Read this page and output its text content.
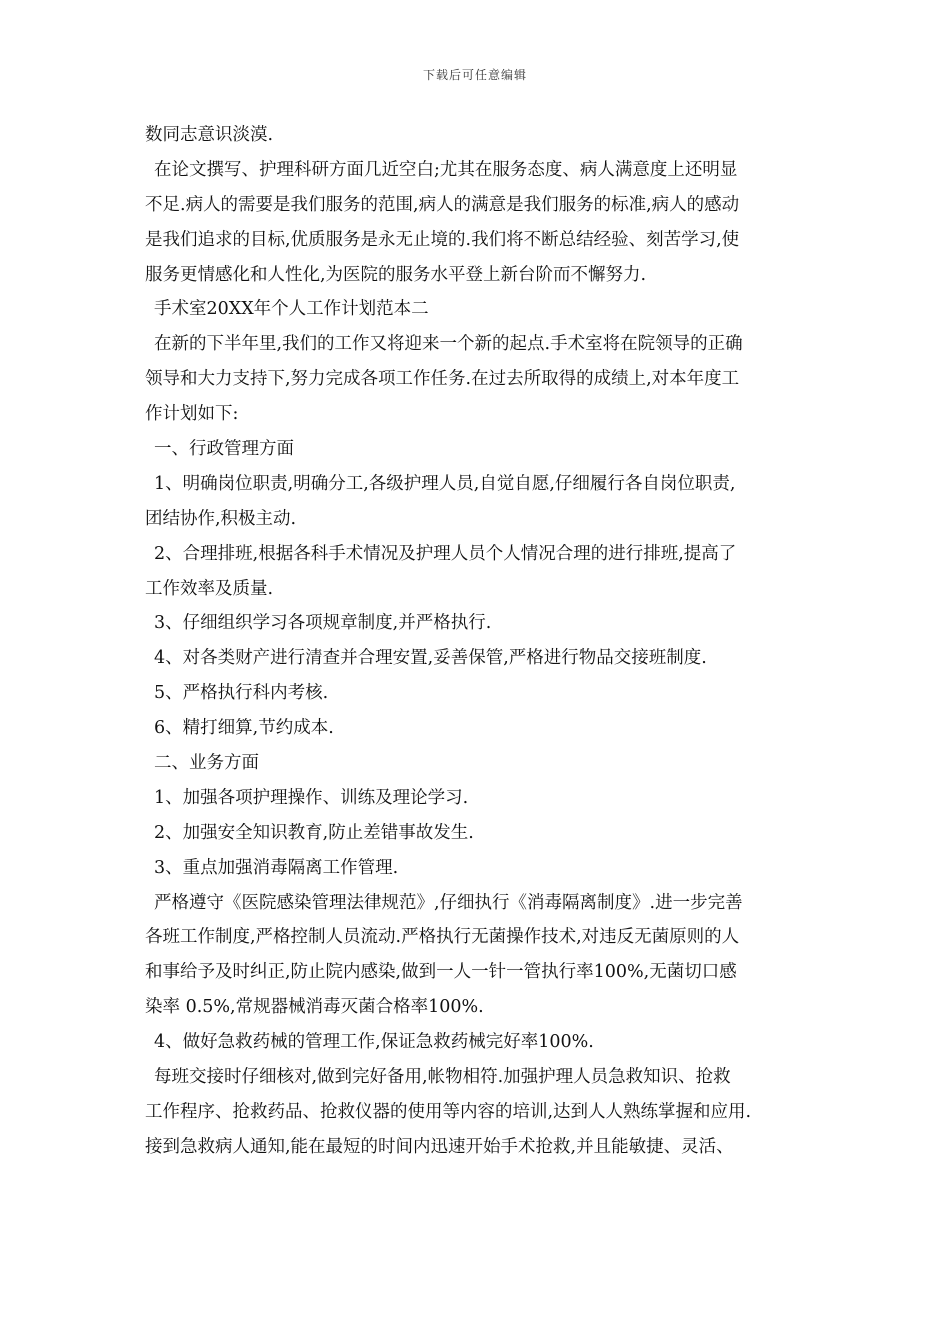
下载后可任意编辑
数同志意识淡漠.
在论文撰写、护理科研方面几近空白;尤其在服务态度、病人满意度上还明显
不足.病人的需要是我们服务的范围,病人的满意是我们服务的标准,病人的感动
是我们追求的目标,优质服务是永无止境的.我们将不断总结经验、刻苦学习,使
服务更情感化和人性化,为医院的服务水平登上新台阶而不懈努力.
手术室20XX年个人工作计划范本二
在新的下半年里,我们的工作又将迎来一个新的起点.手术室将在院领导的正确
领导和大力支持下,努力完成各项工作任务.在过去所取得的成绩上,对本年度工
作计划如下:
一、行政管理方面
1、明确岗位职责,明确分工,各级护理人员,自觉自愿,仔细履行各自岗位职责,
团结协作,积极主动.
2、合理排班,根据各科手术情况及护理人员个人情况合理的进行排班,提高了
工作效率及质量.
3、仔细组织学习各项规章制度,并严格执行.
4、对各类财产进行清查并合理安置,妥善保管,严格进行物品交接班制度.
5、严格执行科内考核.
6、精打细算,节约成本.
二、业务方面
1、加强各项护理操作、训练及理论学习.
2、加强安全知识教育,防止差错事故发生.
3、重点加强消毒隔离工作管理.
严格遵守《医院感染管理法律规范》,仔细执行《消毒隔离制度》.进一步完善
各班工作制度,严格控制人员流动.严格执行无菌操作技术,对违反无菌原则的人
和事给予及时纠正,防止院内感染,做到一人一针一管执行率100%,无菌切口感
染率 0.5%,常规器械消毒灭菌合格率100%.
4、做好急救药械的管理工作,保证急救药械完好率100%.
每班交接时仔细核对,做到完好备用,帐物相符.加强护理人员急救知识、抢救
工作程序、抢救药品、抢救仪器的使用等内容的培训,达到人人熟练掌握和应用.
接到急救病人通知,能在最短的时间内迅速开始手术抢救,并且能敏捷、灵活、
